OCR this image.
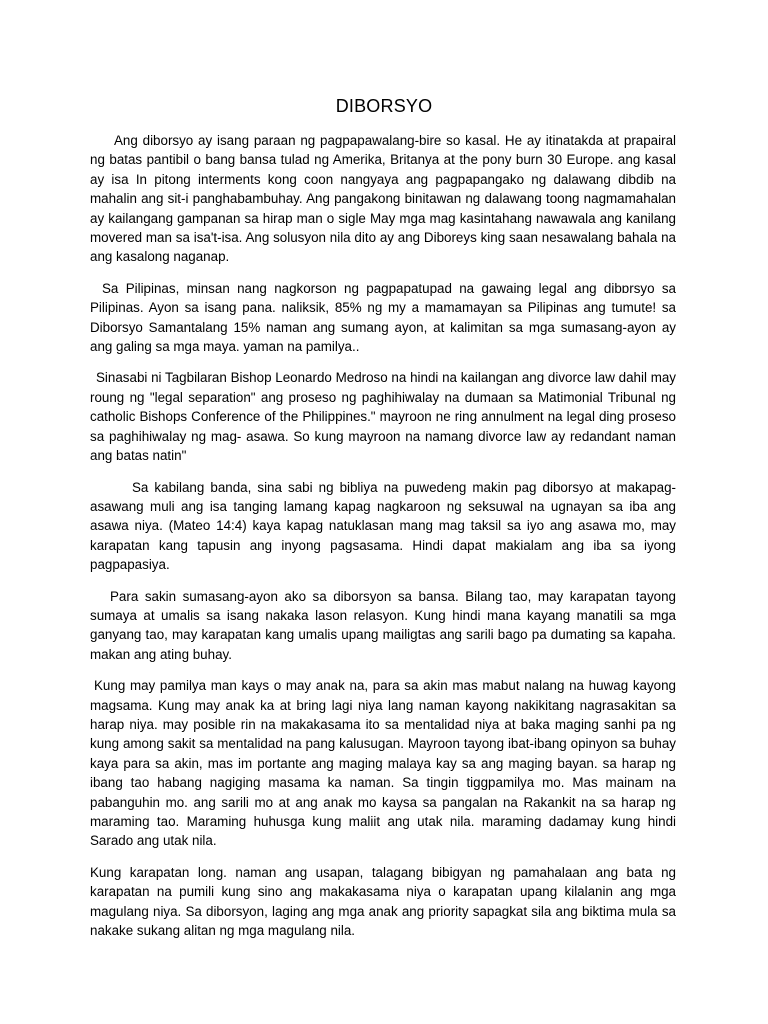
DIBORSYO

Ang diborsyo ay isang paraan ng pagpapawalang-bire so kasal. He ay itinatakda at prapairal ng batas pantibil o bang bansa tulad ng Amerika, Britanya at the pony burn 30 Europe. ang kasal ay isa In pitong interments kong coon nangyaya ang pagpapangako ng dalawang dibdib na mahalin ang sit-i panghabambuhay. Ang pangakong binitawan ng dalawang toong nagmamahalan ay kailangang gampanan sa hirap man o sigle May mga mag kasintahang nawawala ang kanilang movered man sa isa't-isa. Ang solusyon nila dito ay ang Diboreys king saan nesawalang bahala na ang kasalong naganap.

Sa Pilipinas, minsan nang nagkorson ng pagpapatupad na gawaing legal ang dibɒrsyo sa Pilipinas. Ayon sa isang pana. naliksik, 85% ng my a mamamayan sa Pilipinas ang tumute! sa Diborsyo Samantalang 15% naman ang sumang ayon, at kalimitan sa mga sumasang-ayon ay ang galing sa mga maya. yaman na pamilya..

Sinasabi ni Tagbilaran Bishop Leonardo Medroso na hindi na kailangan ang divorce law dahil may roung ng "legal separation" ang proseso ng paghihiwalay na dumaan sa Matimonial Tribunal ng catholic Bishops Conference of the Philippines." mayroon ne ring annulment na legal ding proseso sa paghihiwalay ng mag- asawa. So kung mayroon na namang divorce law ay redandant naman ang batas natin"

Sa kabilang banda, sina sabi ng bibliya na puwedeng makin pag diborsyo at makapag-asawang muli ang isa tanging lamang kapag nagkaroon ng seksuwal na ugnayan sa iba ang asawa niya. (Mateo 14:4) kaya kapag natuklasan mang mag taksil sa iyo ang asawa mo, may karapatan kang tapusin ang inyong pagsasama. Hindi dapat makialam ang iba sa iyong pagpapasiya.

Para sakin sumasang-ayon ako sa diborsyon sa bansa. Bilang tao, may karapatan tayong sumaya at umalis sa isang nakaka lason relasyon. Kung hindi mana kayang manatili sa mga ganyang tao, may karapatan kang umalis upang mailigtas ang sarili bago pa dumating sa kapaha. makan ang ating buhay.

Kung may pamilya man kays o may anak na, para sa akin mas mabut nalang na huwag kayong magsama. Kung may anak ka at bring lagi niya lang naman kayong nakikitang nagrasakitan sa harap niya. may posible rin na makakasama ito sa mentalidad niya at baka maging sanhi pa ng kung among sakit sa mentalidad na pang kalusugan. Mayroon tayong ibat-ibang opinyon sa buhay kaya para sa akin, mas im portante ang maging malaya kay sa ang maging bayan. sa harap ng ibang tao habang nagiging masama ka naman. Sa tingin tiggpamilya mo. Mas mainam na pabanguhin mo. ang sarili mo at ang anak mo kaysa sa pangalan na Rakankit na sa harap ng maraming tao. Maraming huhusga kung maliit ang utak nila. maraming dadamay kung hindi Sarado ang utak nila.

Kung karapatan long. naman ang usapan, talagang bibigyan ng pamahalaan ang bata ng karapatan na pumili kung sino ang makakasama niya o karapatan upang kilalanin ang mga magulang niya. Sa diborsyon, laging ang mga anak ang priority sapagkat sila ang biktima mula sa nakake sukang alitan ng mga magulang nila.
